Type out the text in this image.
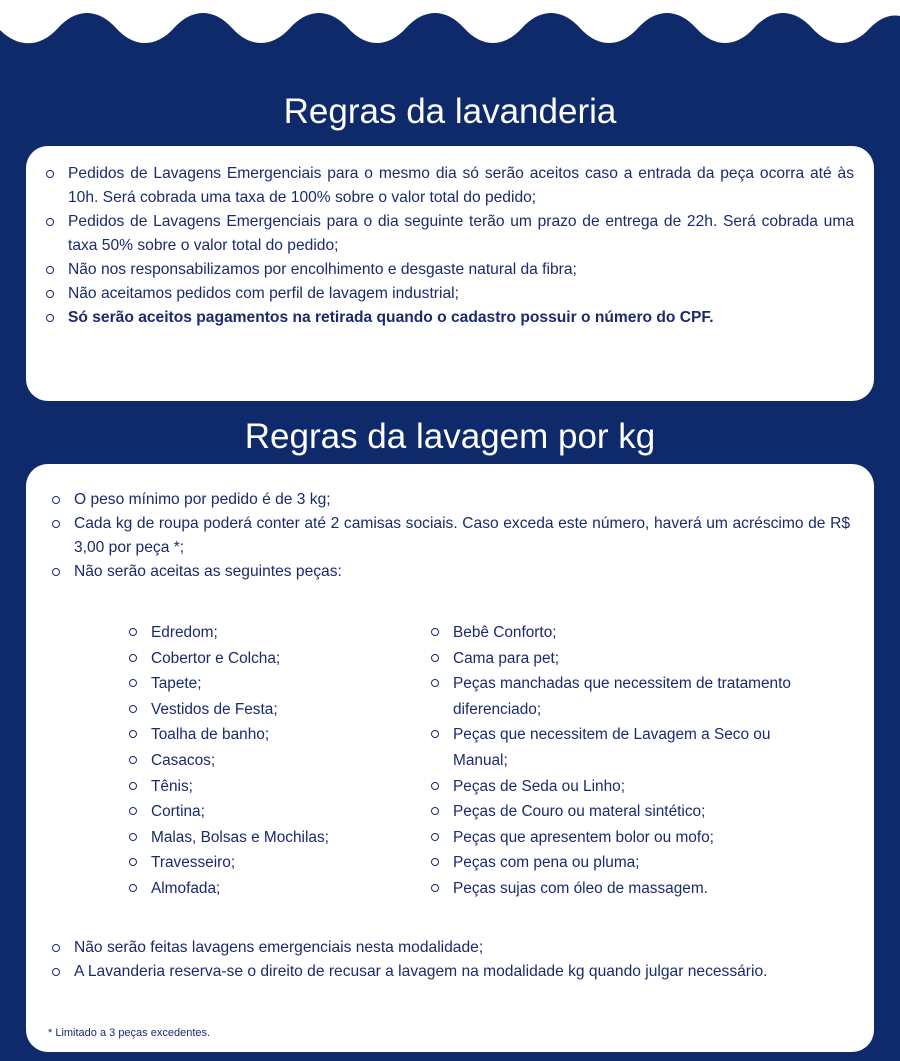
Regras da lavanderia
Pedidos de Lavagens Emergenciais para o mesmo dia só serão aceitos caso a entrada da peça ocorra até às 10h. Será cobrada uma taxa de 100% sobre o valor total do pedido;
Pedidos de Lavagens Emergenciais para o dia seguinte terão um prazo de entrega de 22h. Será cobrada uma taxa 50% sobre o valor total do pedido;
Não nos responsabilizamos por encolhimento e desgaste natural da fibra;
Não aceitamos pedidos com perfil de lavagem industrial;
Só serão aceitos pagamentos na retirada quando o cadastro possuir o número do CPF.
Regras da lavagem por kg
O peso mínimo por pedido é de 3 kg;
Cada kg de roupa poderá conter até 2 camisas sociais. Caso exceda este número, haverá um acréscimo de R$ 3,00 por peça *;
Não serão aceitas as seguintes peças:
Edredom;
Cobertor e Colcha;
Tapete;
Vestidos de Festa;
Toalha de banho;
Casacos;
Tênis;
Cortina;
Malas, Bolsas e Mochilas;
Travesseiro;
Almofada;
Bebê Conforto;
Cama para pet;
Peças manchadas que necessitem de tratamento diferenciado;
Peças que necessitem de Lavagem a Seco ou Manual;
Peças de Seda ou Linho;
Peças de Couro ou materal sintético;
Peças que apresentem bolor ou mofo;
Peças com pena ou pluma;
Peças sujas com óleo de massagem.
Não serão feitas lavagens emergenciais nesta modalidade;
A Lavanderia reserva-se o direito de recusar a lavagem na modalidade kg quando julgar necessário.
* Limitado a 3 peças excedentes.
